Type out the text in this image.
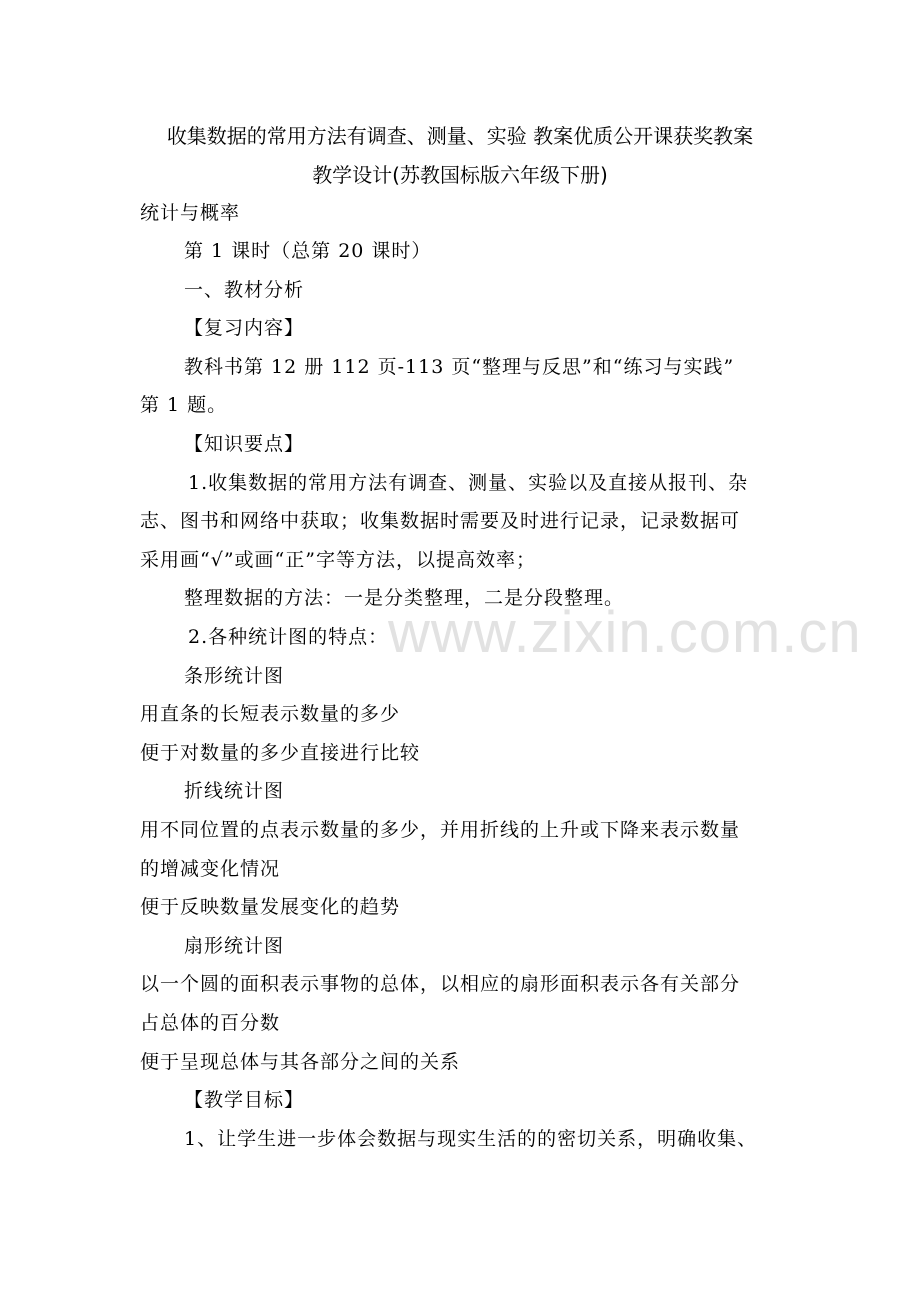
收集数据的常用方法有调查、测量、实验 教案优质公开课获奖教案
教学设计(苏教国标版六年级下册)
统计与概率
第 1 课时（总第 20 课时）
一、教材分析
【复习内容】
教科书第 12 册 112 页-113 页“整理与反思”和“练习与实践”
第 1 题。
【知识要点】
1.收集数据的常用方法有调查、测量、实验以及直接从报刊、杂
志、图书和网络中获取；收集数据时需要及时进行记录，记录数据可
采用画“√”或画“正”字等方法，以提高效率；
整理数据的方法：一是分类整理，二是分段整理。
2.各种统计图的特点：
条形统计图
用直条的长短表示数量的多少
便于对数量的多少直接进行比较
折线统计图
用不同位置的点表示数量的多少，并用折线的上升或下降来表示数量
的增减变化情况
便于反映数量发展变化的趋势
扇形统计图
以一个圆的面积表示事物的总体，以相应的扇形面积表示各有关部分
占总体的百分数
便于呈现总体与其各部分之间的关系
【教学目标】
1、让学生进一步体会数据与现实生活的的密切关系，明确收集、
www.zixin.com.cn
